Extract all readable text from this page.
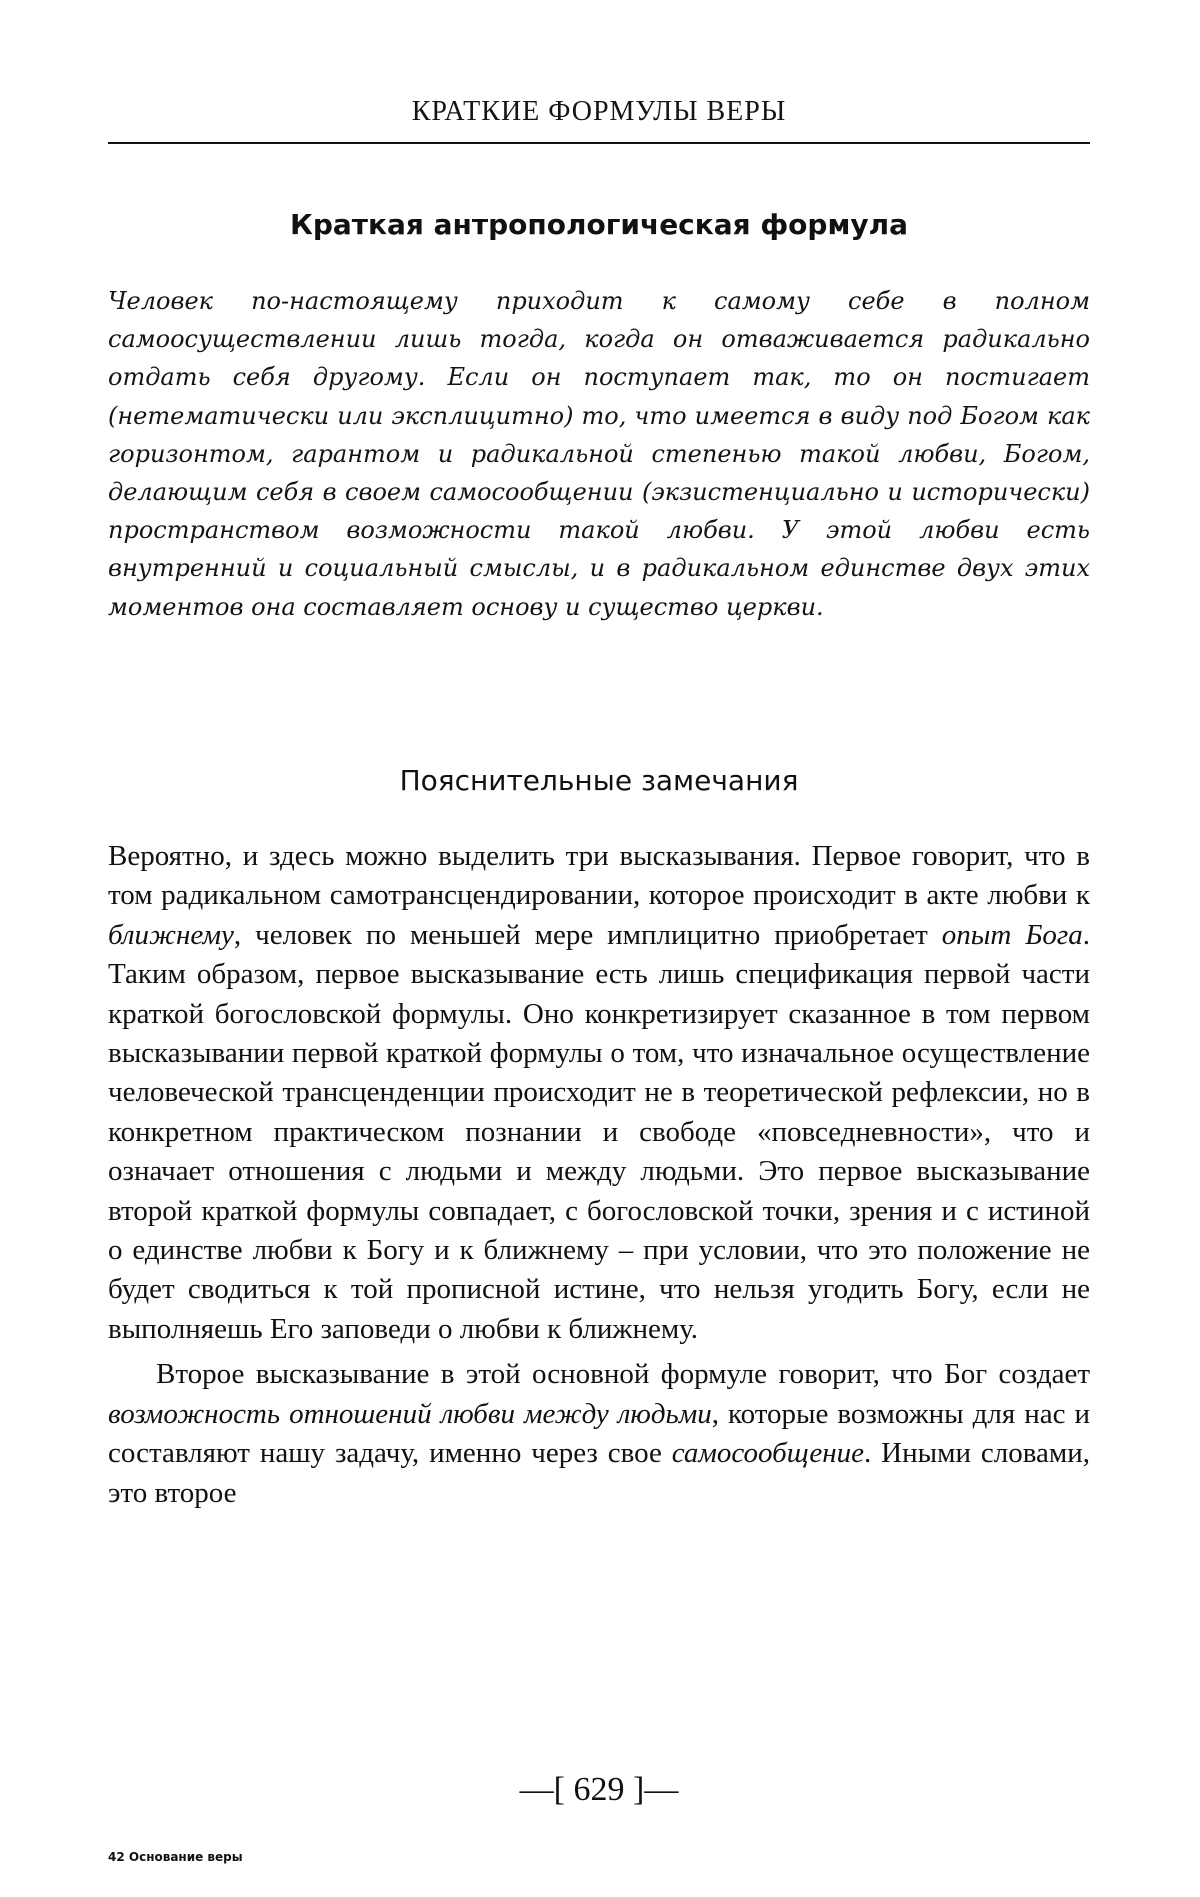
КРАТКИЕ ФОРМУЛЫ ВЕРЫ
Краткая антропологическая формула
Человек по-настоящему приходит к самому себе в полном самоосуществлении лишь тогда, когда он отваживается радикально отдать себя другому. Если он поступает так, то он постигает (нетематически или эксплицитно) то, что имеется в виду под Богом как горизонтом, гарантом и радикальной степенью такой любви, Богом, делающим себя в своем самосообщении (экзистенциально и исторически) пространством возможности такой любви. У этой любви есть внутренний и социальный смыслы, и в радикальном единстве двух этих моментов она составляет основу и существо церкви.
Пояснительные замечания

Вероятно, и здесь можно выделить три высказывания. Первое говорит, что в том радикальном самотрансцендировании, которое происходит в акте любви к ближнему, человек по меньшей мере имплицитно приобретает опыт Бога. Таким образом, первое высказывание есть лишь спецификация первой части краткой богословской формулы. Оно конкретизирует сказанное в том первом высказывании первой краткой формулы о том, что изначальное осуществление человеческой трансценденции происходит не в теоретической рефлексии, но в конкретном практическом познании и свободе «повседневности», что и означает отношения с людьми и между людьми. Это первое высказывание второй краткой формулы совпадает, с богословской точки, зрения и с истиной о единстве любви к Богу и к ближнему – при условии, что это положение не будет сводиться к той прописной истине, что нельзя угодить Богу, если не выполняешь Его заповеди о любви к ближнему.

Второе высказывание в этой основной формуле говорит, что Бог создает возможность отношений любви между людьми, которые возможны для нас и составляют нашу задачу, именно через свое самосообщение. Иными словами, это второе

—[ 629 ]—
42 Основание веры
